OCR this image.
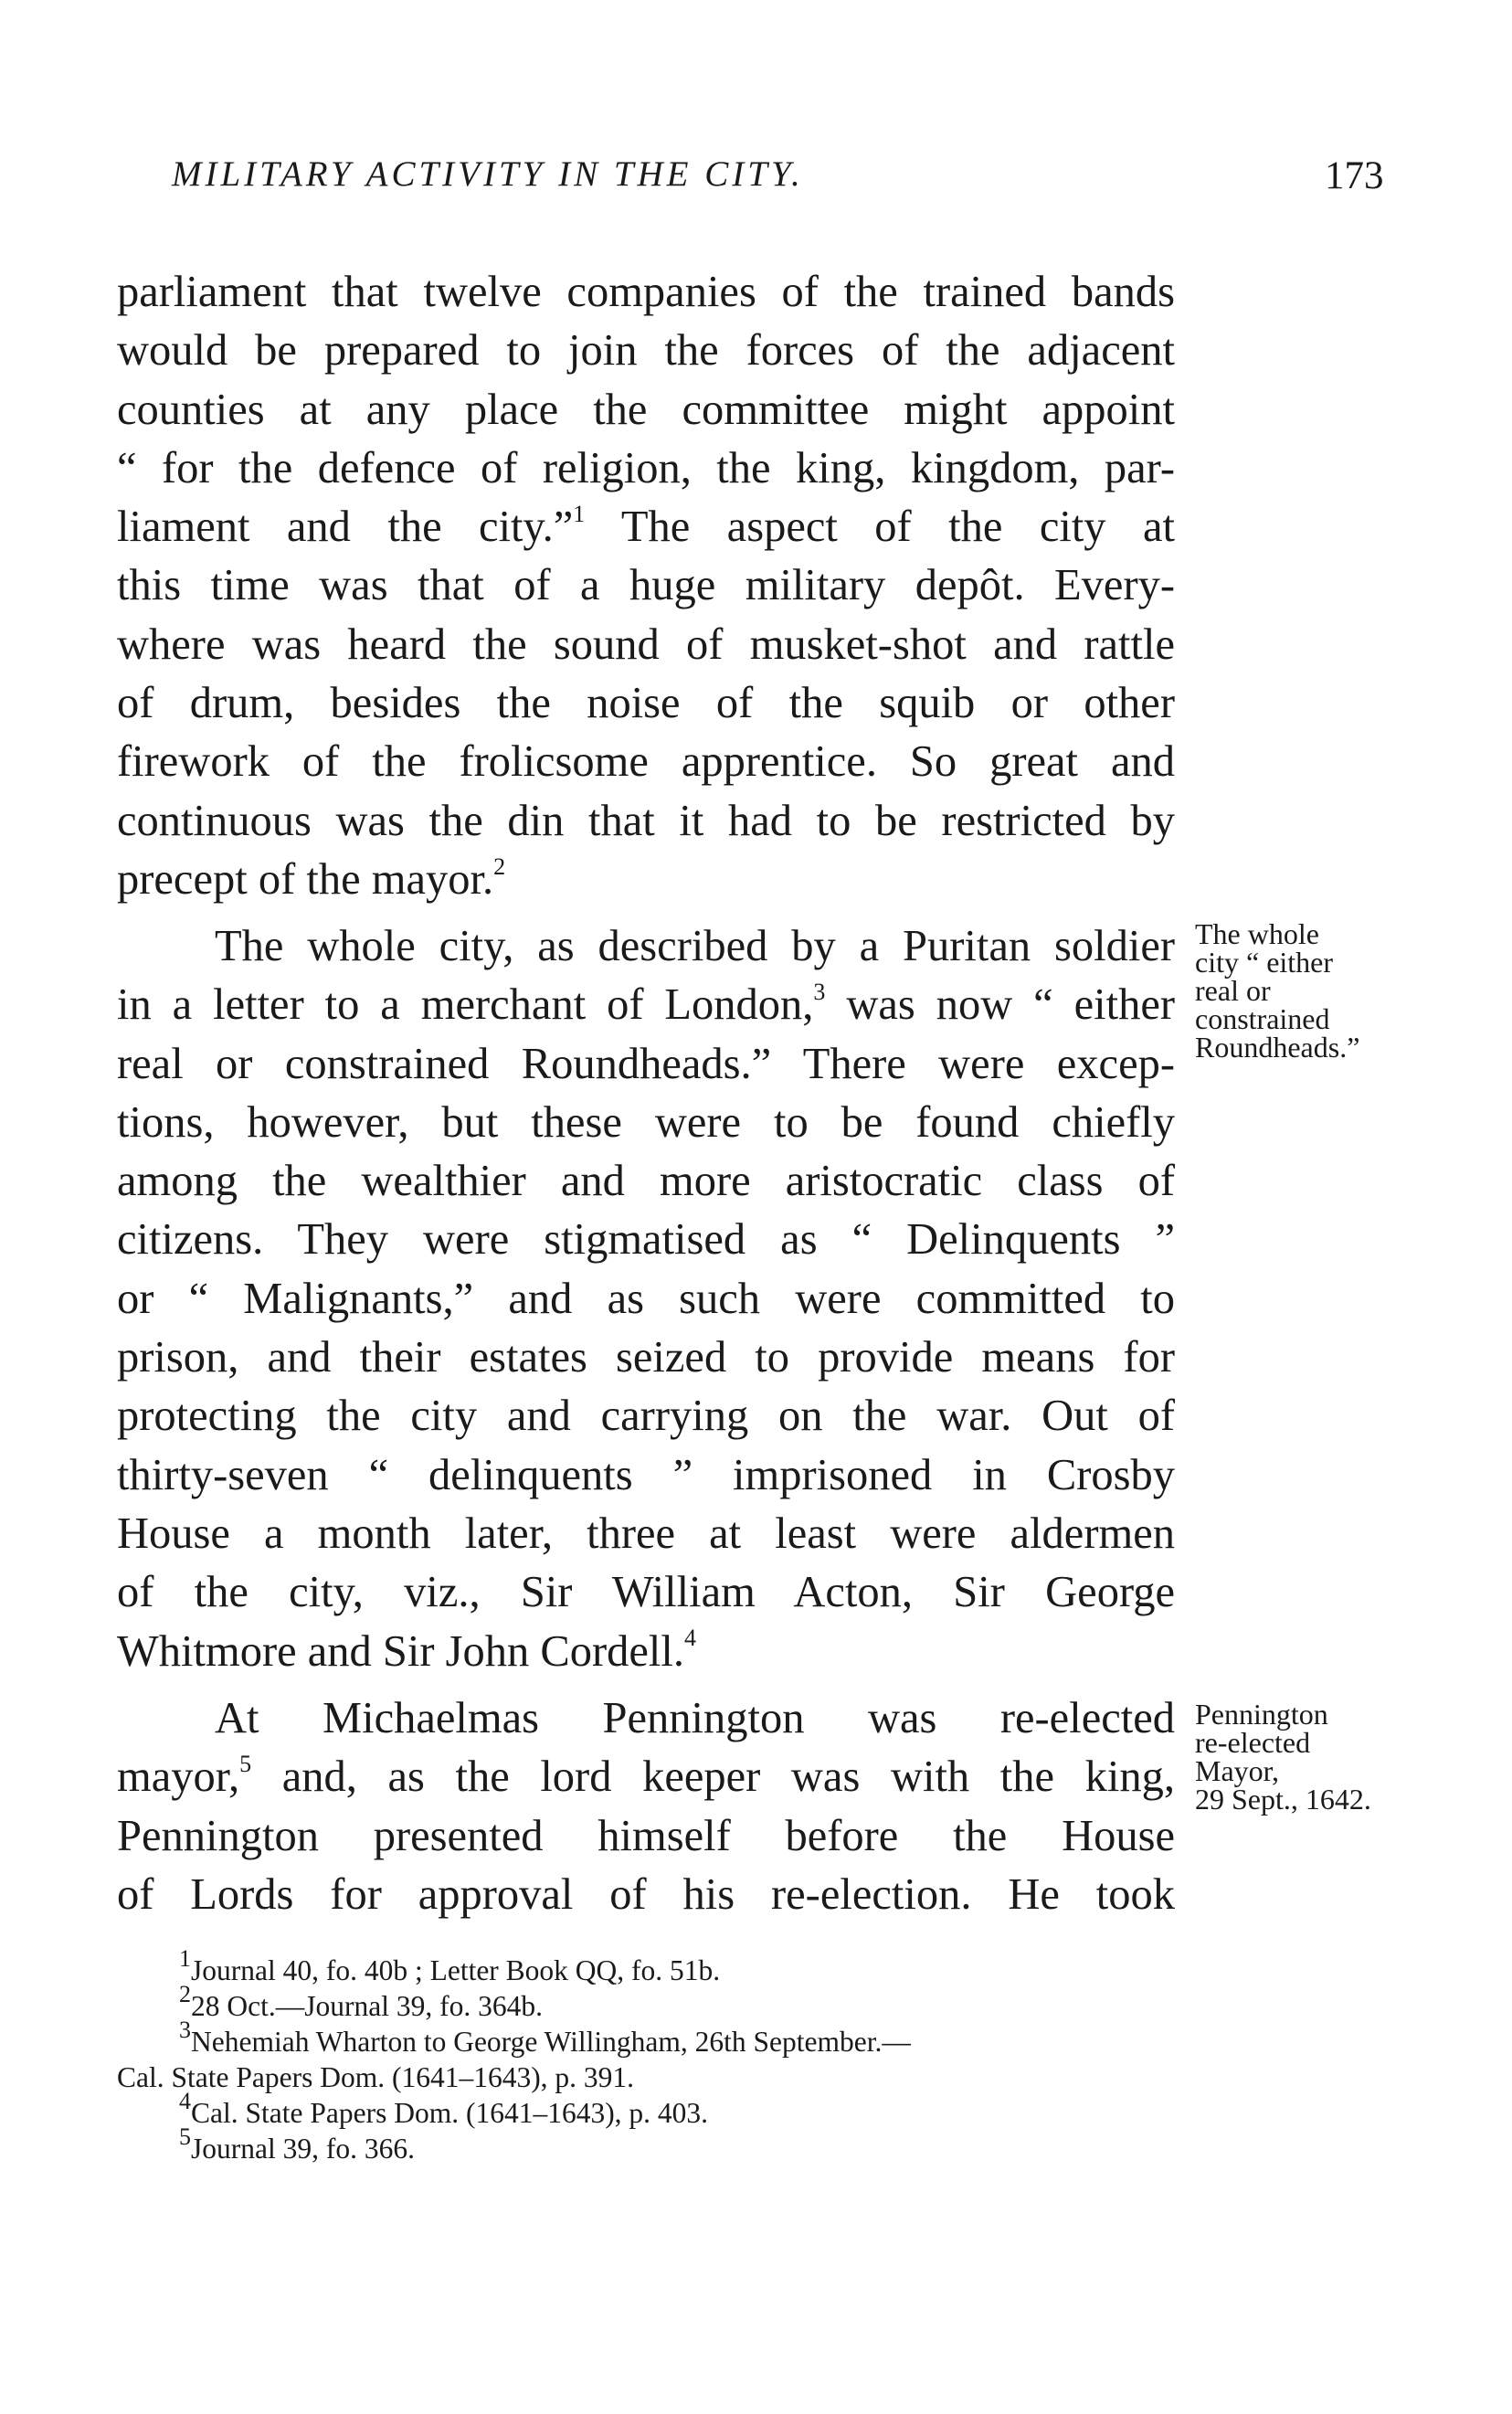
MILITARY ACTIVITY IN THE CITY.	173
parliament that twelve companies of the trained bands
would be prepared to join the forces of the adjacent
counties at any place the committee might appoint
“ for the defence of religion, the king, kingdom, par-
liament and the city.”$^1$ The aspect of the city at
this time was that of a huge military depôt. Every-
where was heard the sound of musket-shot and rattle
of drum, besides the noise of the squib or other
firework of the frolicsome apprentice. So great and
continuous was the din that it had to be restricted by
precept of the mayor.$^2$
The whole city, as described by a Puritan soldier
in a letter to a merchant of London,$^3$ was now “ either
real or constrained Roundheads.” There were excep-
tions, however, but these were to be found chiefly
among the wealthier and more aristocratic class of
citizens. They were stigmatised as “ Delinquents ”
or “ Malignants,” and as such were committed to
prison, and their estates seized to provide means for
protecting the city and carrying on the war. Out of
thirty-seven “ delinquents ” imprisoned in Crosby
House a month later, three at least were aldermen
of the city, viz., Sir William Acton, Sir George
Whitmore and Sir John Cordell.$^4$
At Michaelmas Pennington was re-elected
mayor,$^5$ and, as the lord keeper was with the king,
Pennington presented himself before the House
of Lords for approval of his re-election. He took
The whole
city “ either
real or
constrained
Roundheads.”
Pennington
re-elected
Mayor,
29 Sept., 1642.
$^1$Journal 40, fo. 40b ; Letter Book QQ, fo. 51b.
$^2$28 Oct.—Journal 39, fo. 364b.
$^3$Nehemiah Wharton to George Willingham, 26th September.—
Cal. State Papers Dom. (1641–1643), p. 391.
$^4$Cal. State Papers Dom. (1641–1643), p. 403.
$^5$Journal 39, fo. 366.
